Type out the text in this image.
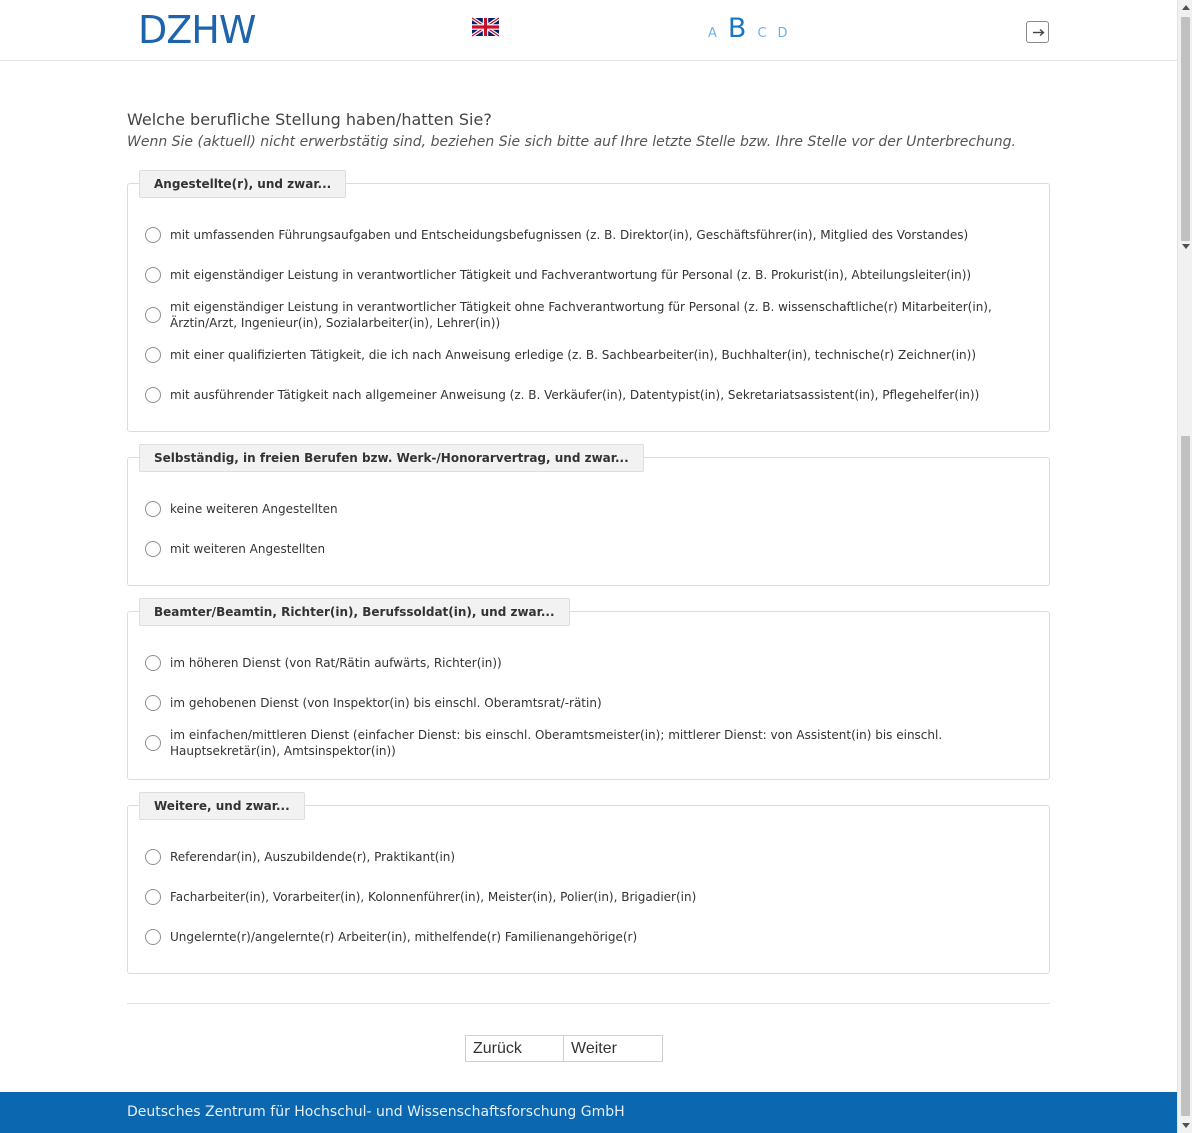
DZHW	A B C D
Welche berufliche Stellung haben/hatten Sie?
Wenn Sie (aktuell) nicht erwerbstätig sind, beziehen Sie sich bitte auf Ihre letzte Stelle bzw. Ihre Stelle vor der Unterbrechung.
Angestellte(r), und zwar...
mit umfassenden Führungsaufgaben und Entscheidungsbefugnissen (z. B. Direktor(in), Geschäftsführer(in), Mitglied des Vorstandes)
mit eigenständiger Leistung in verantwortlicher Tätigkeit und Fachverantwortung für Personal (z. B. Prokurist(in), Abteilungsleiter(in))
mit eigenständiger Leistung in verantwortlicher Tätigkeit ohne Fachverantwortung für Personal (z. B. wissenschaftliche(r) Mitarbeiter(in),
Ärztin/Arzt, Ingenieur(in), Sozialarbeiter(in), Lehrer(in))
mit einer qualifizierten Tätigkeit, die ich nach Anweisung erledige (z. B. Sachbearbeiter(in), Buchhalter(in), technische(r) Zeichner(in))
mit ausführender Tätigkeit nach allgemeiner Anweisung (z. B. Verkäufer(in), Datentypist(in), Sekretariatsassistent(in), Pflegehelfer(in))
Selbständig, in freien Berufen bzw. Werk-/Honorarvertrag, und zwar...
keine weiteren Angestellten
mit weiteren Angestellten
Beamter/Beamtin, Richter(in), Berufssoldat(in), und zwar...
im höheren Dienst (von Rat/Rätin aufwärts, Richter(in))
im gehobenen Dienst (von Inspektor(in) bis einschl. Oberamtsrat/-rätin)
im einfachen/mittleren Dienst (einfacher Dienst: bis einschl. Oberamtsmeister(in); mittlerer Dienst: von Assistent(in) bis einschl.
Hauptsekretär(in), Amtsinspektor(in))
Weitere, und zwar...
Referendar(in), Auszubildende(r), Praktikant(in)
Facharbeiter(in), Vorarbeiter(in), Kolonnenführer(in), Meister(in), Polier(in), Brigadier(in)
Ungelernte(r)/angelernte(r) Arbeiter(in), mithelfende(r) Familienangehörige(r)
Zurück	Weiter
Deutsches Zentrum für Hochschul- und Wissenschaftsforschung GmbH
